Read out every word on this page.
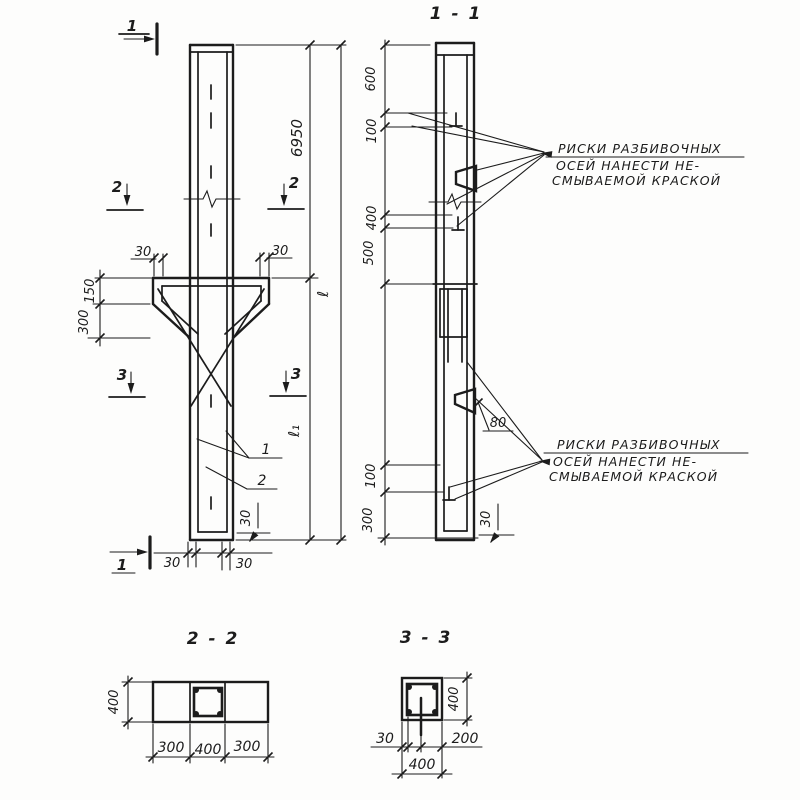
1
1
2	2
3	3
30	30
150
300
6950
ℓ₁
ℓ
1
2
30	30
30
1 - 1
600
100
400
500
100
300
80
30
РИСКИ РАЗБИВОЧНЫХ
ОСЕЙ НАНЕСТИ НЕ-
СМЫВАЕМОЙ КРАСКОЙ
РИСКИ РАЗБИВОЧНЫХ
ОСЕЙ НАНЕСТИ НЕ-
СМЫВАЕМОЙ КРАСКОЙ
2 - 2
400
300 400 300
3 - 3
400
30	200
400
